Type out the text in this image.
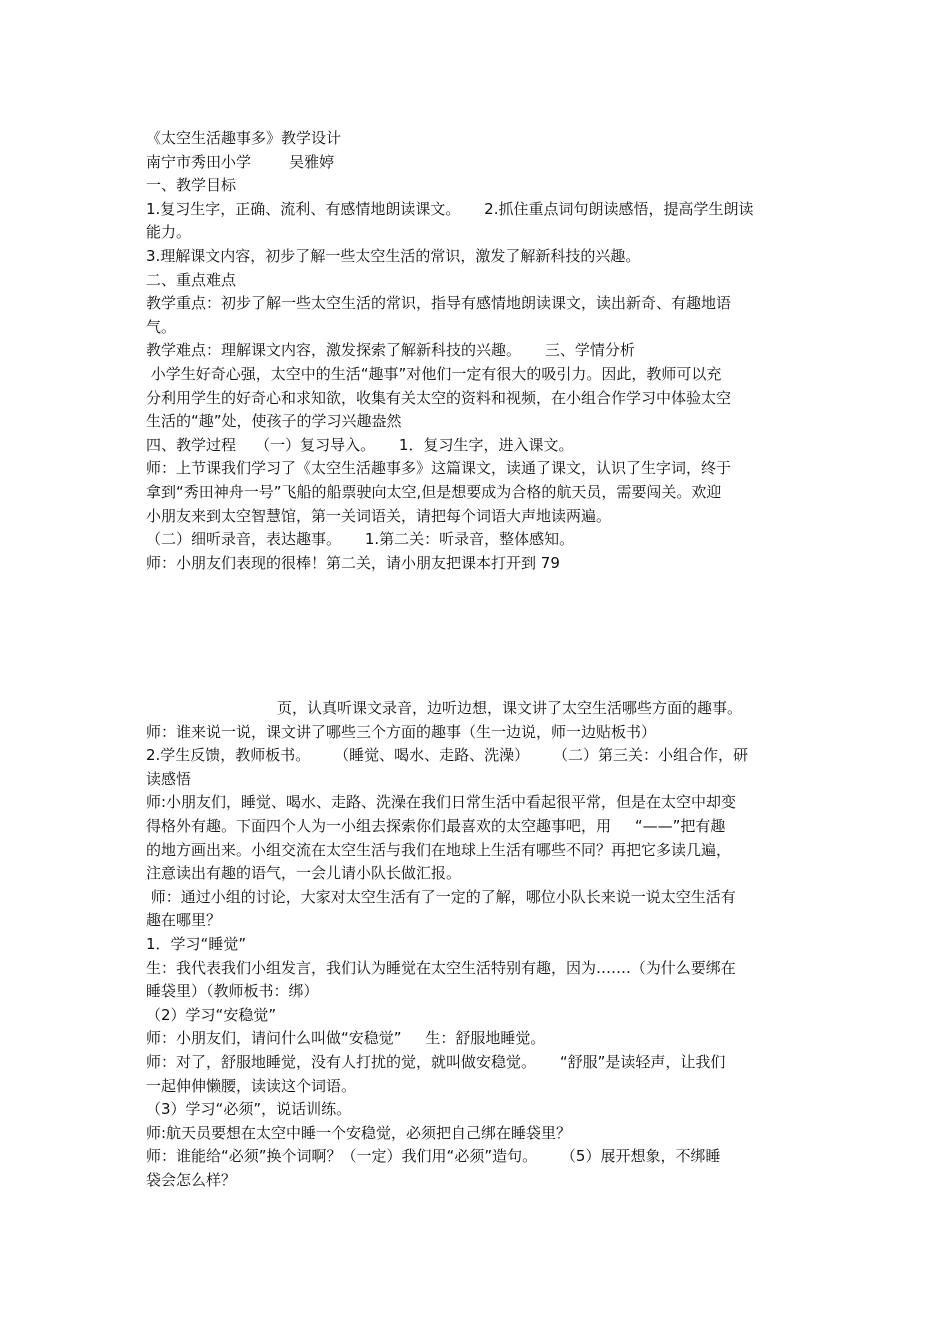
《太空生活趣事多》教学设计
南宁市秀田小学        吴雅婷
一、教学目标
1.复习生字，正确、流利、有感情地朗读课文。     2.抓住重点词句朗读感悟，提高学生朗读
能力。
3.理解课文内容，初步了解一些太空生活的常识，激发了解新科技的兴趣。
二、重点难点
教学重点：初步了解一些太空生活的常识，指导有感情地朗读课文，读出新奇、有趣地语
气。
教学难点：理解课文内容，激发探索了解新科技的兴趣。     三、学情分析
小学生好奇心强，太空中的生活“趣事”对他们一定有很大的吸引力。因此，教师可以充
分利用学生的好奇心和求知欲，收集有关太空的资料和视频，在小组合作学习中体验太空
生活的“趣”处，使孩子的学习兴趣盎然
四、教学过程    （一）复习导入。     1．复习生字，进入课文。
师：上节课我们学习了《太空生活趣事多》这篇课文，读通了课文，认识了生字词，终于
拿到“秀田神舟一号”飞船的船票驶向太空,但是想要成为合格的航天员，需要闯关。欢迎
小朋友来到太空智慧馆，第一关词语关，请把每个词语大声地读两遍。
（二）细听录音，表达趣事。     1.第二关：听录音，整体感知。
师：小朋友们表现的很棒！第二关，请小朋友把课本打开到 79
页，认真听课文录音，边听边想，课文讲了太空生活哪些方面的趣事。
师：谁来说一说，课文讲了哪些三个方面的趣事（生一边说，师一边贴板书）
2.学生反馈，教师板书。     （睡觉、喝水、走路、洗澡）     （二）第三关：小组合作，研
读感悟
师:小朋友们，睡觉、喝水、走路、洗澡在我们日常生活中看起很平常，但是在太空中却变
得格外有趣。下面四个人为一小组去探索你们最喜欢的太空趣事吧，用     “——”把有趣
的地方画出来。小组交流在太空生活与我们在地球上生活有哪些不同？再把它多读几遍，
注意读出有趣的语气，一会儿请小队长做汇报。
师：通过小组的讨论，大家对太空生活有了一定的了解，哪位小队长来说一说太空生活有
趣在哪里？
1．学习“睡觉”
生：我代表我们小组发言，我们认为睡觉在太空生活特别有趣，因为…….（为什么要绑在
睡袋里）（教师板书：绑）
（2）学习“安稳觉”
师：小朋友们，请问什么叫做“安稳觉”     生：舒服地睡觉。
师：对了，舒服地睡觉，没有人打扰的觉，就叫做安稳觉。     “舒服”是读轻声，让我们
一起伸伸懒腰，读读这个词语。
（3）学习“必须”，说话训练。
师:航天员要想在太空中睡一个安稳觉，必须把自己绑在睡袋里？
师：谁能给“必须”换个词啊？（一定）我们用“必须”造句。     （5）展开想象，不绑睡
袋会怎么样？
